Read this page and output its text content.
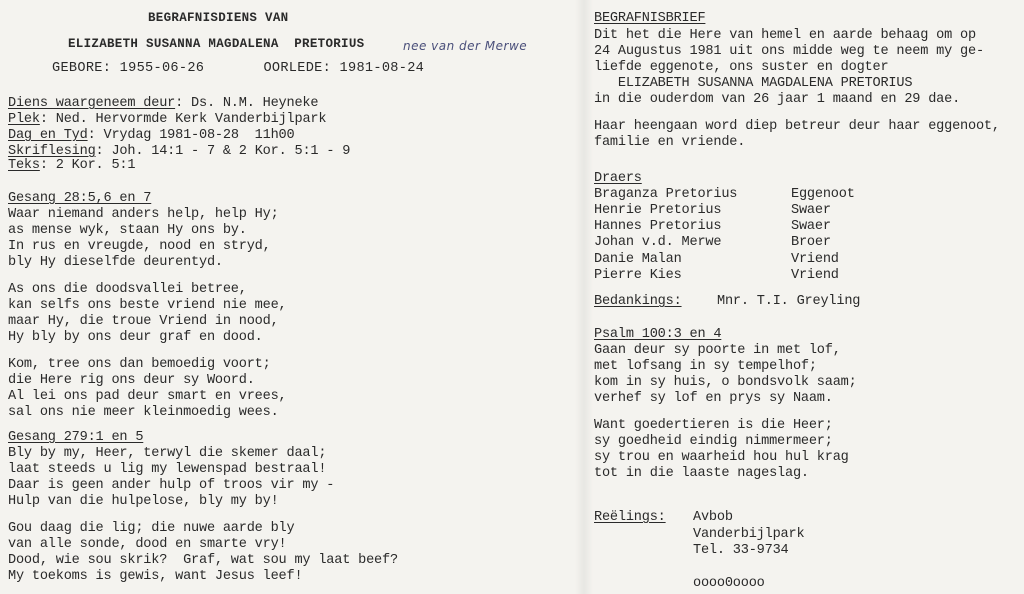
BEGRAFNISDIENS VAN
ELIZABETH SUSANNA MAGDALENA  PRETORIUS	nee van der Merwe
GEBORE: 1955-06-26       OORLEDE: 1981-08-24
Diens waargeneem deur: Ds. N.M. Heyneke
Plek: Ned. Hervormde Kerk Vanderbijlpark
Dag en Tyd: Vrydag 1981-08-28  11h00
Skriflesing: Joh. 14:1 - 7 & 2 Kor. 5:1 - 9
Teks: 2 Kor. 5:1
Gesang 28:5,6 en 7
Waar niemand anders help, help Hy;
as mense wyk, staan Hy ons by.
In rus en vreugde, nood en stryd,
bly Hy dieselfde deurentyd.
As ons die doodsvallei betree,
kan selfs ons beste vriend nie mee,
maar Hy, die troue Vriend in nood,
Hy bly by ons deur graf en dood.
Kom, tree ons dan bemoedig voort;
die Here rig ons deur sy Woord.
Al lei ons pad deur smart en vrees,
sal ons nie meer kleinmoedig wees.
Gesang 279:1 en 5
Bly by my, Heer, terwyl die skemer daal;
laat steeds u lig my lewenspad bestraal!
Daar is geen ander hulp of troos vir my -
Hulp van die hulpelose, bly my by!
Gou daag die lig; die nuwe aarde bly
van alle sonde, dood en smarte vry!
Dood, wie sou skrik?  Graf, wat sou my laat beef?
My toekoms is gewis, want Jesus leef!
BEGRAFNISBRIEF
Dit het die Here van hemel en aarde behaag om op
24 Augustus 1981 uit ons midde weg te neem my ge-
liefde eggenote, ons suster en dogter
ELIZABETH SUSANNA MAGDALENA PRETORIUS
in die ouderdom van 26 jaar 1 maand en 29 dae.
Haar heengaan word diep betreur deur haar eggenoot,
familie en vriende.
Draers
Braganza Pretorius	Eggenoot
Henrie Pretorius	Swaer
Hannes Pretorius	Swaer
Johan v.d. Merwe	Broer
Danie Malan	Vriend
Pierre Kies	Vriend
Bedankings:	Mnr. T.I. Greyling
Psalm 100:3 en 4
Gaan deur sy poorte in met lof,
met lofsang in sy tempelhof;
kom in sy huis, o bondsvolk saam;
verhef sy lof en prys sy Naam.
Want goedertieren is die Heer;
sy goedheid eindig nimmermeer;
sy trou en waarheid hou hul krag
tot in die laaste nageslag.
Reëlings: Avbob
Vanderbijlpark
Tel. 33-9734
oooo0oooo
